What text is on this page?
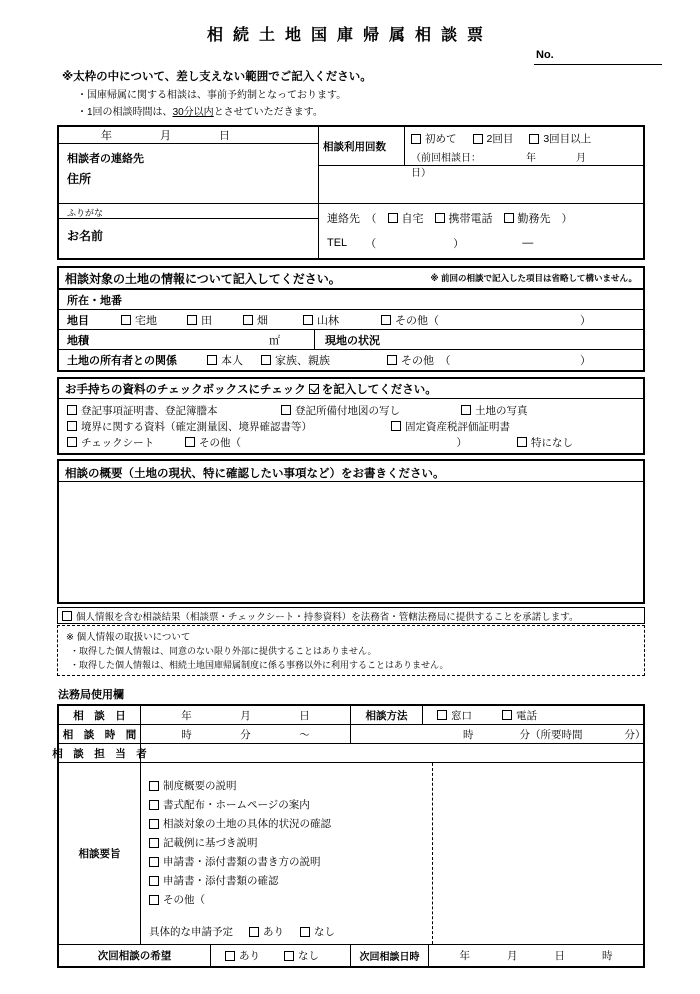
相続土地国庫帰属相談票
No.
※太枠の中について、差し支えない範囲でご記入ください。
・国庫帰属に関する相談は、事前予約制となっております。
・1回の相談時間は、30分以内とさせていただきます。
年	月	日
相談者の連絡先
住所
相談利用回数
初めて	2回目	3回目以上
（前回相談日：　　　　　年　　　　月　　　　日）
ふりがな
お名前
連絡先　（ 自宅 携帯電話 勤務先 ）
TEL （　　　　　　　）	―
相談対象の土地の情報について記入してください。	※ 前回の相談で記入した項目は省略して構いません。
所在・地番
地目	宅地	田	畑	山林	その他（	）
地積	㎡	現地の状況
土地の所有者との関係	本人	家族、親族	その他　（	）
お手持ちの資料のチェックボックスにチェック を記入してください。
登記事項証明書、登記簿謄本	登記所備付地図の写し	土地の写真
境界に関する資料（確定測量図、境界確認書等）	固定資産税評価証明書
チェックシート	その他（	）	特になし
相談の概要（土地の現状、特に確認したい事項など）をお書きください。
個人情報を含む相談結果（相談票・チェックシート・持参資料）を法務省・管轄法務局に提供することを承諾します。
※ 個人情報の取扱いについて
・取得した個人情報は、同意のない限り外部に提供することはありません。
・取得した個人情報は、相続土地国庫帰属制度に係る事務以外に利用することはありません。
法務局使用欄
相　談　日	年	月	日	相談方法	窓口	電話
相　談　時　間	時	分	～	時	分（所要時間　　　　分）
相　談　担　当　者
相談要旨
制度概要の説明
書式配布・ホームページの案内
相談対象の土地の具体的状況の確認
記載例に基づき説明
申請書・添付書類の書き方の説明
申請書・添付書類の確認
その他（
具体的な申請予定	あり	なし
次回相談の希望	あり	なし	次回相談日時	年	月	日	時
